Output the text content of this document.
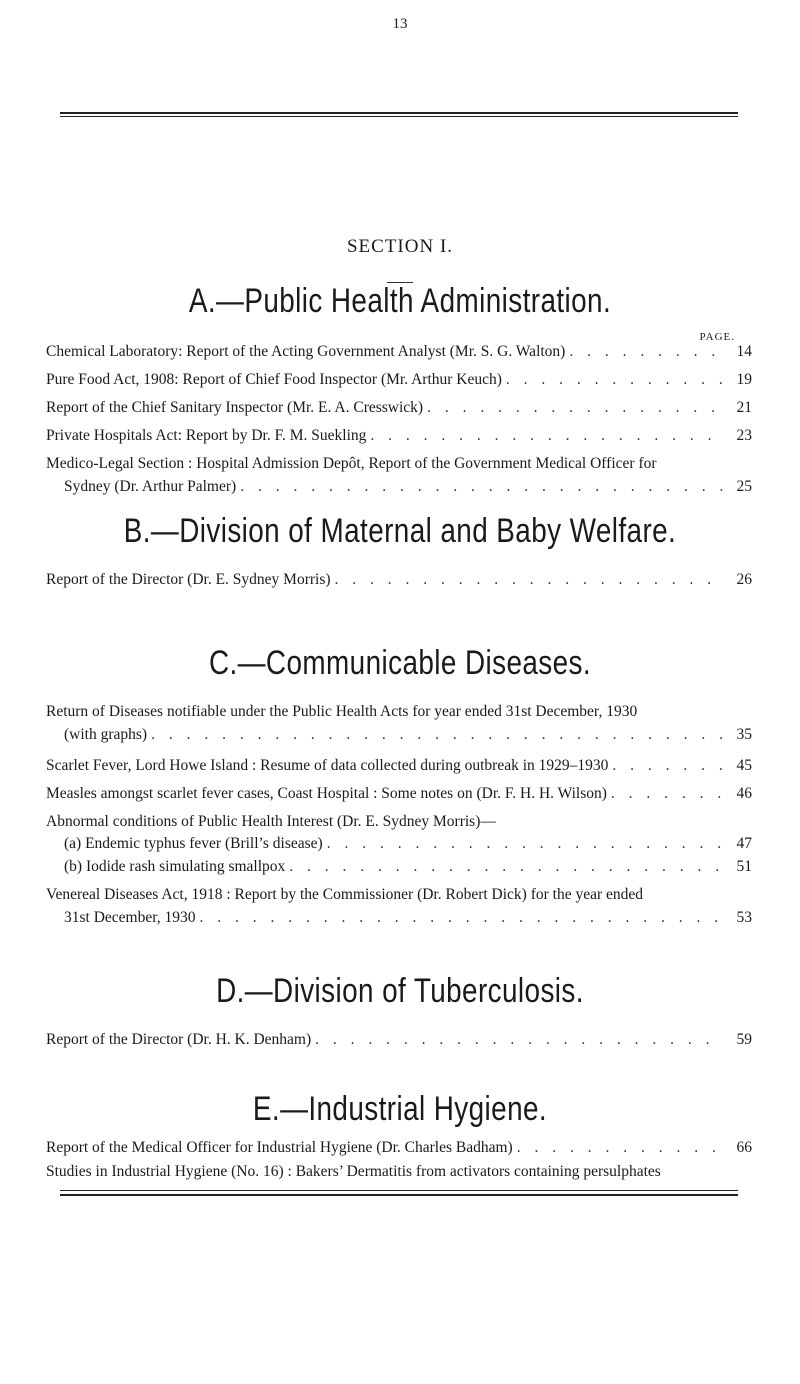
13
SECTION I.
A.—Public Health Administration.
PAGE.
Chemical Laboratory: Report of the Acting Government Analyst (Mr. S. G. Walton) . . .	14
Pure Food Act, 1908: Report of Chief Food Inspector (Mr. Arthur Keuch) . . .	19
Report of the Chief Sanitary Inspector (Mr. E. A. Cresswick) . . .	21
Private Hospitals Act: Report by Dr. F. M. Suekling . . .	23
Medico-Legal Section : Hospital Admission Depôt, Report of the Government Medical Officer for
Sydney (Dr. Arthur Palmer) . . .	25
B.—Division of Maternal and Baby Welfare.
Report of the Director (Dr. E. Sydney Morris) . . .	26
C.—Communicable Diseases.
Return of Diseases notifiable under the Public Health Acts for year ended 31st December, 1930
(with graphs) . . .	35
Scarlet Fever, Lord Howe Island : Resume of data collected during outbreak in 1929–1930 . . .	45
Measles amongst scarlet fever cases, Coast Hospital : Some notes on (Dr. F. H. H. Wilson) . . .	46
Abnormal conditions of Public Health Interest (Dr. E. Sydney Morris)—
(a) Endemic typhus fever (Brill’s disease) . . .	47
(b) Iodide rash simulating smallpox . . .	51
Venereal Diseases Act, 1918 : Report by the Commissioner (Dr. Robert Dick) for the year ended
31st December, 1930 . . .	53
D.—Division of Tuberculosis.
Report of the Director (Dr. H. K. Denham) . . .	59
E.—Industrial Hygiene.
Report of the Medical Officer for Industrial Hygiene (Dr. Charles Badham) . . .	66
Studies in Industrial Hygiene (No. 16) : Bakers’ Dermatitis from activators containing persulphates
